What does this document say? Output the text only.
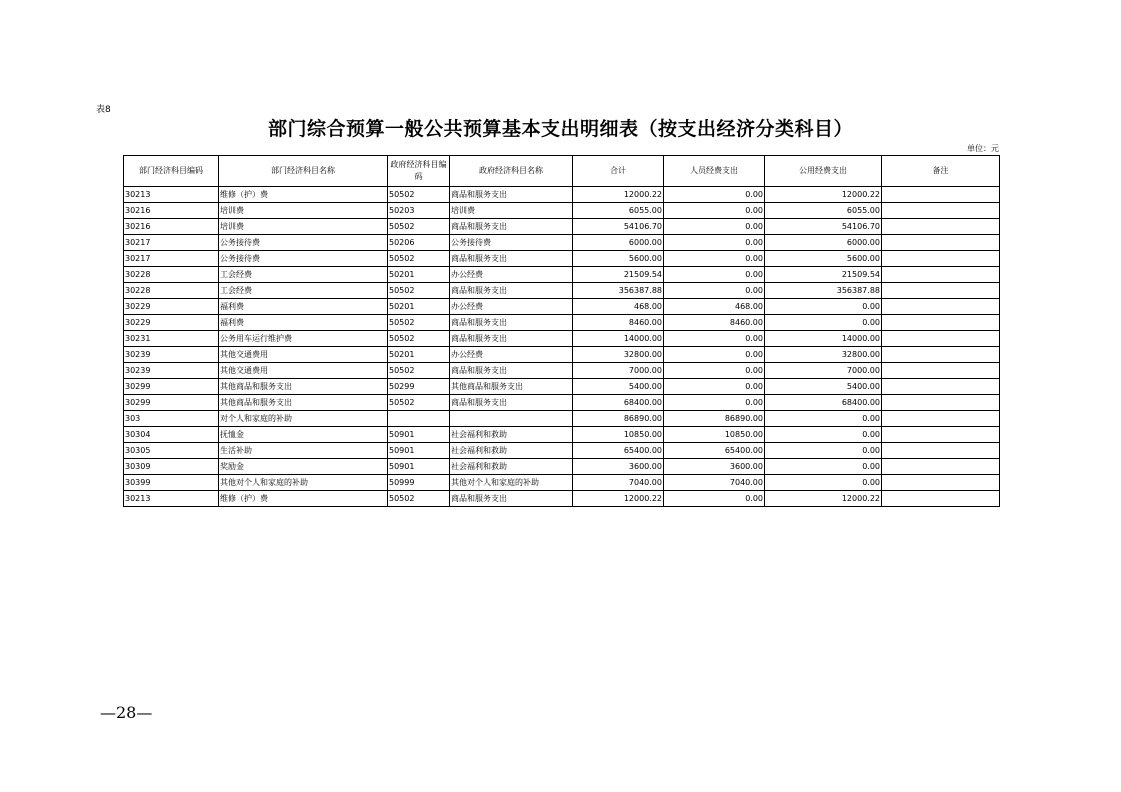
表8
部门综合预算一般公共预算基本支出明细表（按支出经济分类科目）
单位：元
部门经济科目编码	部门经济科目名称	政府经济科目编码	政府经济科目名称	合计	人员经费支出	公用经费支出	备注
30213	维修（护）费	50502	商品和服务支出	12000.22	0.00	12000.22	
30216	培训费	50203	培训费	6055.00	0.00	6055.00	
30216	培训费	50502	商品和服务支出	54106.70	0.00	54106.70	
30217	公务接待费	50206	公务接待费	6000.00	0.00	6000.00	
30217	公务接待费	50502	商品和服务支出	5600.00	0.00	5600.00	
30228	工会经费	50201	办公经费	21509.54	0.00	21509.54	
30228	工会经费	50502	商品和服务支出	356387.88	0.00	356387.88	
30229	福利费	50201	办公经费	468.00	468.00	0.00	
30229	福利费	50502	商品和服务支出	8460.00	8460.00	0.00	
30231	公务用车运行维护费	50502	商品和服务支出	14000.00	0.00	14000.00	
30239	其他交通费用	50201	办公经费	32800.00	0.00	32800.00	
30239	其他交通费用	50502	商品和服务支出	7000.00	0.00	7000.00	
30299	其他商品和服务支出	50299	其他商品和服务支出	5400.00	0.00	5400.00	
30299	其他商品和服务支出	50502	商品和服务支出	68400.00	0.00	68400.00	
303	对个人和家庭的补助			86890.00	86890.00	0.00	
30304	抚恤金	50901	社会福利和救助	10850.00	10850.00	0.00	
30305	生活补助	50901	社会福利和救助	65400.00	65400.00	0.00	
30309	奖励金	50901	社会福利和救助	3600.00	3600.00	0.00	
30399	其他对个人和家庭的补助	50999	其他对个人和家庭的补助	7040.00	7040.00	0.00	
30213	维修（护）费	50502	商品和服务支出	12000.22	0.00	12000.22	
—28—
